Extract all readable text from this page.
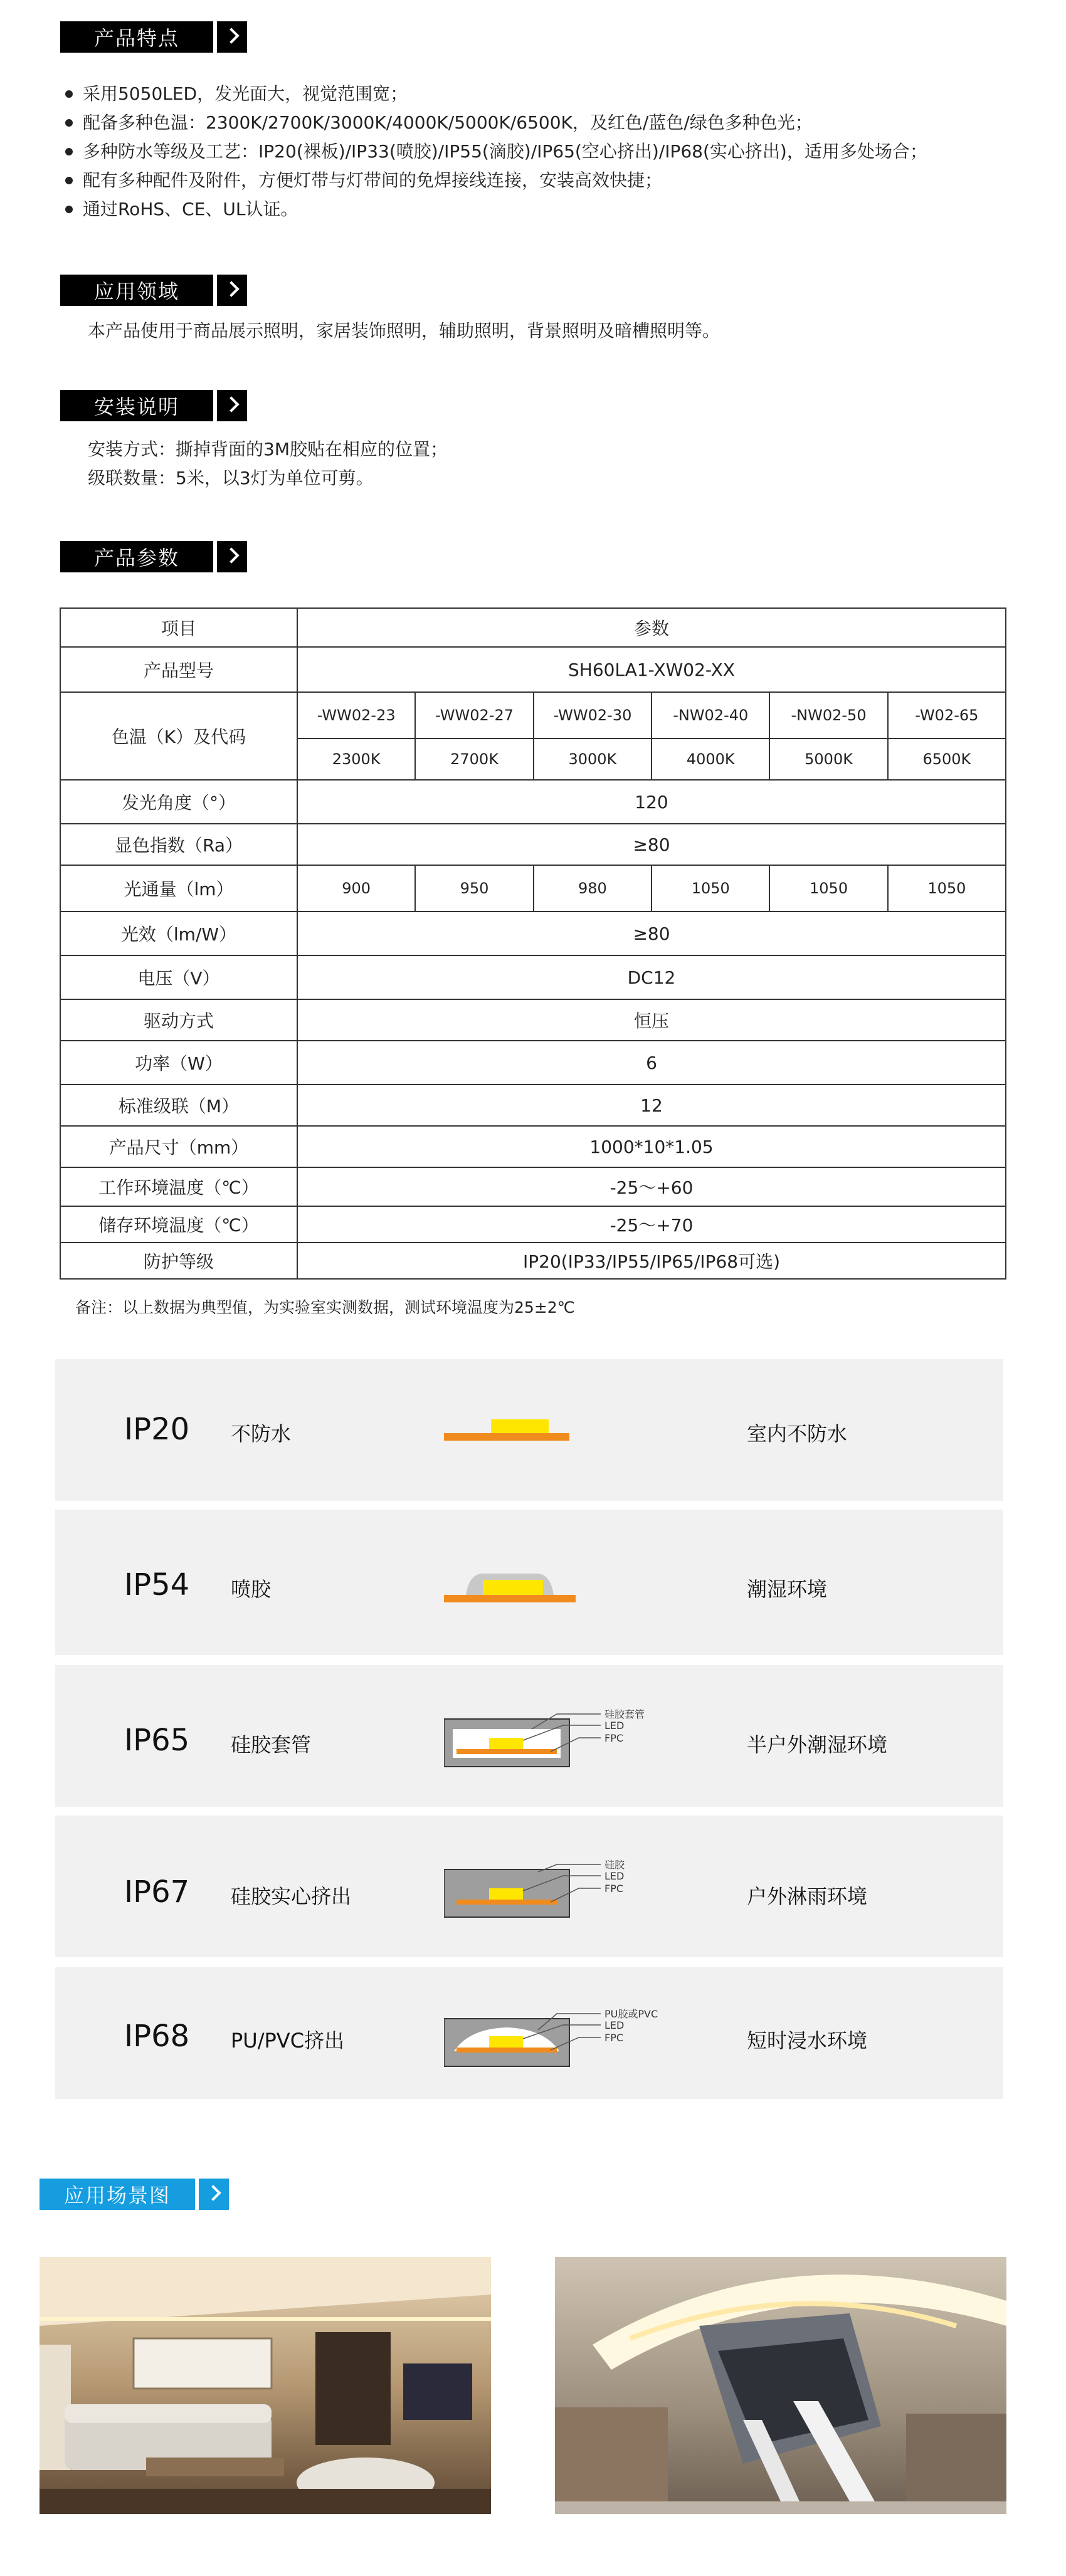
产品特点
采用5050LED，发光面大，视觉范围宽；
配备多种色温：2300K/2700K/3000K/4000K/5000K/6500K，及红色/蓝色/绿色多种色光；
多种防水等级及工艺：IP20(裸板)/IP33(喷胶)/IP55(滴胶)/IP65(空心挤出)/IP68(实心挤出)，适用多处场合；
配有多种配件及附件，方便灯带与灯带间的免焊接线连接，安装高效快捷；
通过RoHS、CE、UL认证。
应用领域

本产品使用于商品展示照明，家居装饰照明，辅助照明，背景照明及暗槽照明等。

安装说明

安装方式：撕掉背面的3M胶贴在相应的位置；

级联数量：5米，以3灯为单位可剪。

产品参数
项目	参数					
产品型号	SH60LA1-XW02-XX					
色温（K）及代码	-WW02-23	-WW02-27	-WW02-30	-NW02-40	-NW02-50	-W02-65
	2300K	2700K	3000K	4000K	5000K	6500K
发光角度（°）	120					
显色指数（Ra）	≥80					
光通量（lm）	900	950	980	1050	1050	1050
光效（lm/W）	≥80					
电压（V）	DC12					
驱动方式	恒压					
功率（W）	6					
标准级联（M）	12					
产品尺寸（mm）	1000*10*1.05					
工作环境温度（℃）	-25～+60					
储存环境温度（℃）	-25～+70					
防护等级	IP20(IP33/IP55/IP65/IP68可选)					
备注：以上数据为典型值，为实验室实测数据，测试环境温度为25±2℃
IP20 不防水	室内不防水
IP54 喷胶	潮湿环境
IP65 硅胶套管
硅胶套管
LED
FPC	半户外潮湿环境
IP67 硅胶实心挤出
硅胶
LED
FPC	户外淋雨环境
IP68 PU/PVC挤出
PU胶或PVC
LED
FPC	短时浸水环境
应用场景图
